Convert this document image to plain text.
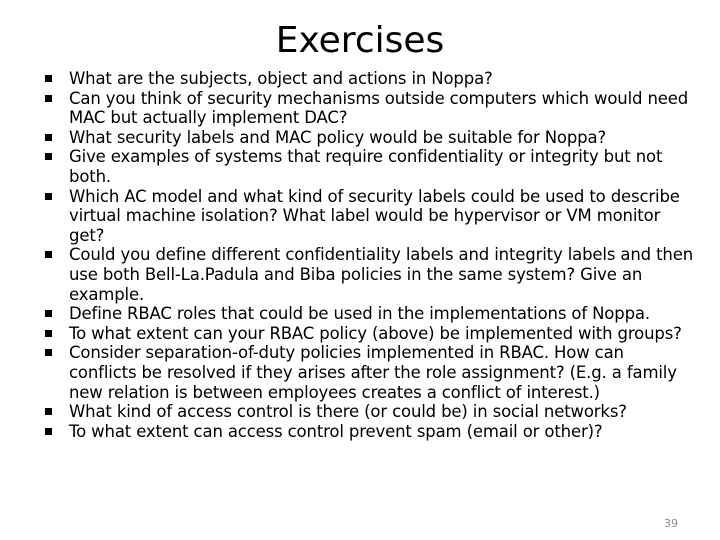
Exercises
What are the subjects, object and actions in Noppa?
Can you think of security mechanisms outside computers which would need MAC but actually implement DAC?
What security labels and MAC policy would be suitable for Noppa?
Give examples of systems that require confidentiality or integrity but not both.
Which AC model and what kind of security labels could be used to describe virtual machine isolation? What label would be hypervisor or VM monitor get?
Could you define different confidentiality labels and integrity labels and then use both Bell-La.Padula and Biba policies in the same system? Give an example.
Define RBAC roles that could be used in the implementations of Noppa.
To what extent can your RBAC policy (above) be implemented with groups?
Consider separation-of-duty policies implemented in RBAC. How can conflicts be resolved if they arises after the role assignment? (E.g. a family new relation is between employees creates a conflict of interest.)
What kind of access control is there (or could be) in social networks?
To what extent can access control prevent spam (email or other)?
39
